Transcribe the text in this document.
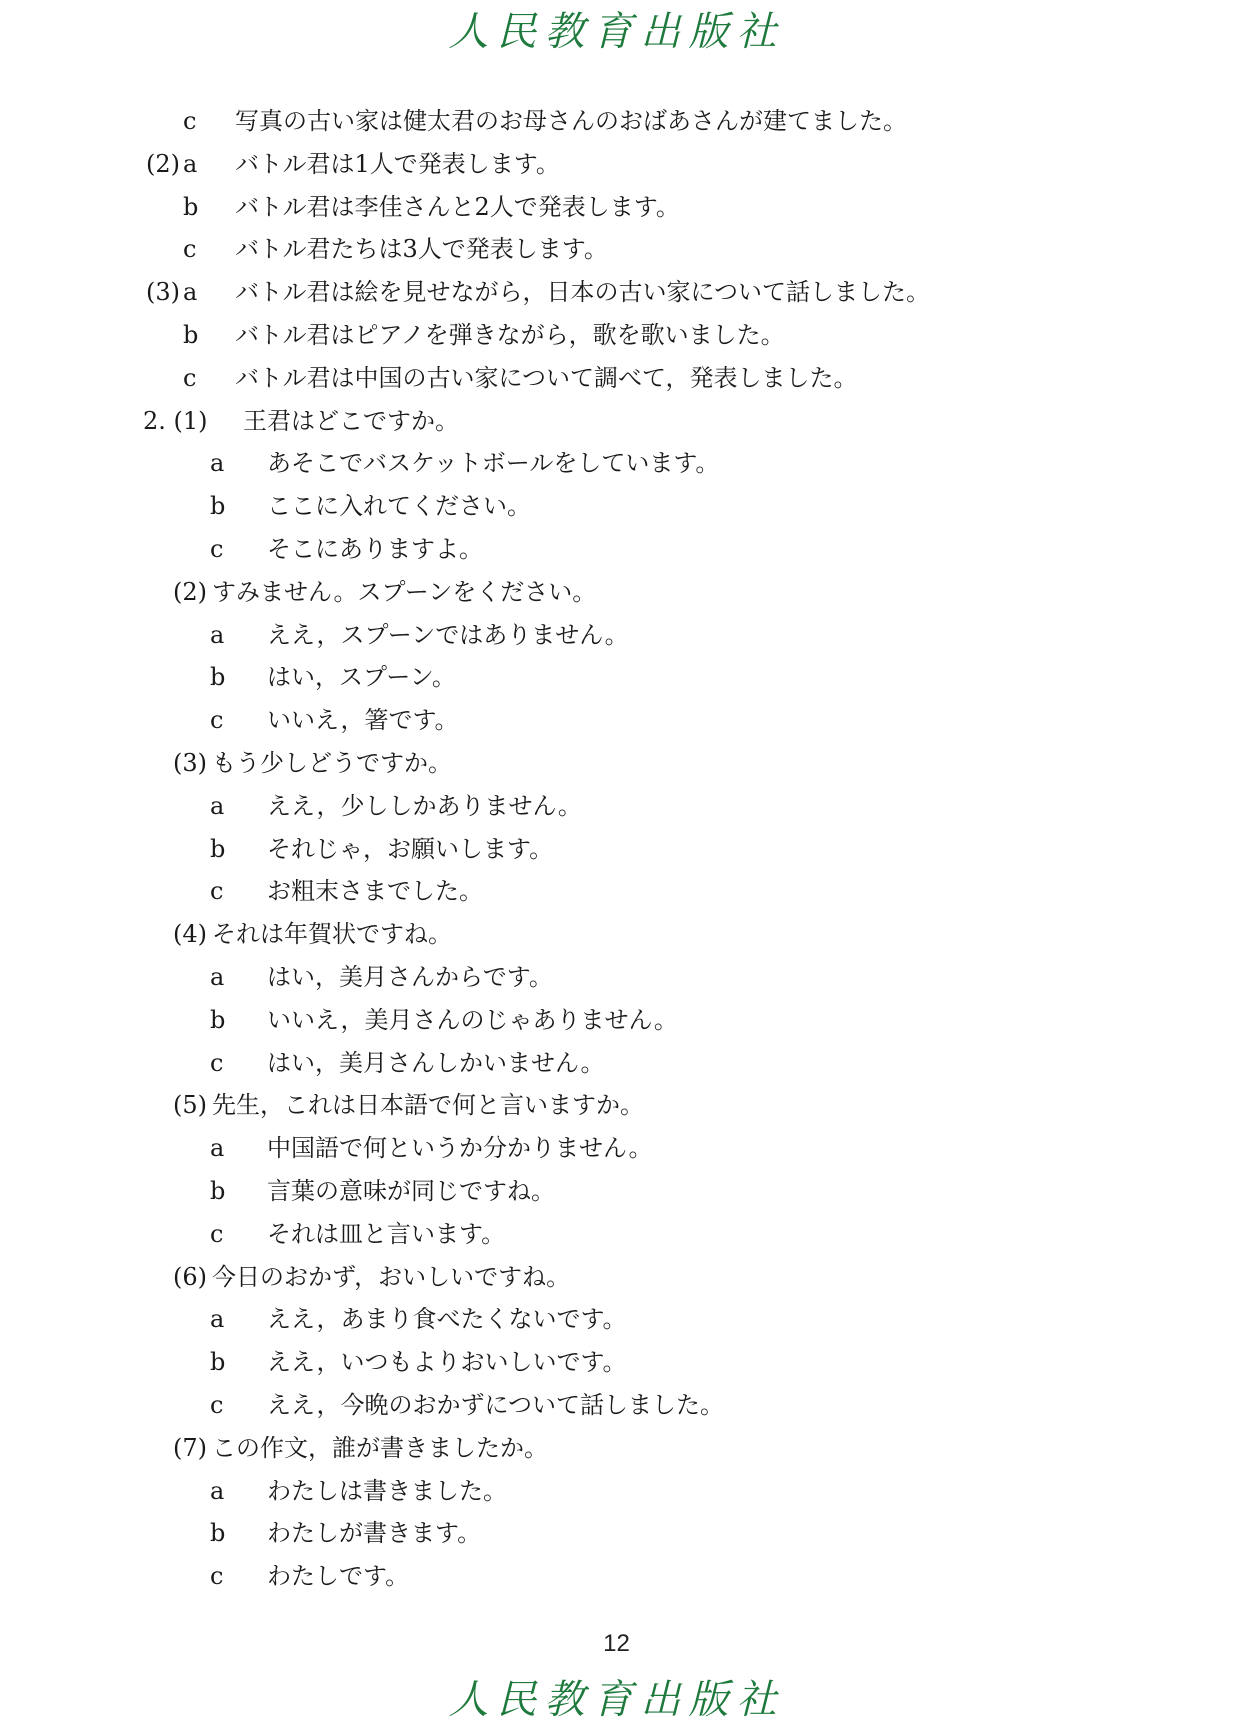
人民教育出版社
c 写真の古い家は健太君のお母さんのおばあさんが建てました。
(2) a バトル君は1人で発表します。
b バトル君は李佳さんと2人で発表します。
c バトル君たちは3人で発表します。
(3) a バトル君は絵を見せながら，日本の古い家について話しました。
b バトル君はピアノを弾きながら，歌を歌いました。
c バトル君は中国の古い家について調べて，発表しました。
2. (1) 王君はどこですか。
a あそこでバスケットボールをしています。
b ここに入れてください。
c そこにありますよ。
(2) すみません。スプーンをください。
a ええ，スプーンではありません。
b はい，スプーン。
c いいえ，箸です。
(3) もう少しどうですか。
a ええ，少ししかありません。
b それじゃ，お願いします。
c お粗末さまでした。
(4) それは年賀状ですね。
a はい，美月さんからです。
b いいえ，美月さんのじゃありません。
c はい，美月さんしかいません。
(5) 先生，これは日本語で何と言いますか。
a 中国語で何というか分かりません。
b 言葉の意味が同じですね。
c それは皿と言います。
(6) 今日のおかず，おいしいですね。
a ええ，あまり食べたくないです。
b ええ，いつもよりおいしいです。
c ええ，今晩のおかずについて話しました。
(7) この作文，誰が書きましたか。
a わたしは書きました。
b わたしが書きます。
c わたしです。
12
人民教育出版社
